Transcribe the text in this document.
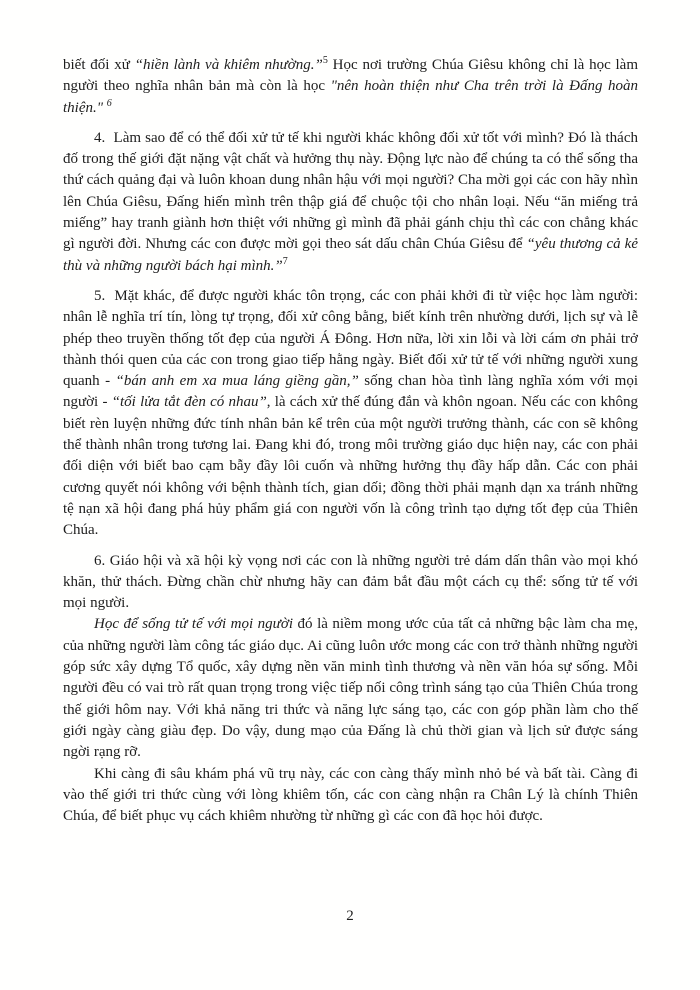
biết đối xử “hiền lành và khiêm nhường.”$^5$ Học nơi trường Chúa Giêsu không chỉ là học làm người theo nghĩa nhân bản mà còn là học "nên hoàn thiện như Cha trên trời là Đấng hoàn thiện." $^6$

4.  Làm sao để có thể đối xử tử tế khi người khác không đối xử tốt với mình? Đó là thách đố trong thế giới đặt nặng vật chất và hưởng thụ này. Động lực nào để chúng ta có thể sống tha thứ cách quảng đại và luôn khoan dung nhân hậu với mọi người? Cha mời gọi các con hãy nhìn lên Chúa Giêsu, Đấng hiến mình trên thập giá để chuộc tội cho nhân loại. Nếu “ăn miếng trả miếng” hay tranh giành hơn thiệt với những gì mình đã phải gánh chịu thì các con chẳng khác gì người đời. Nhưng các con được mời gọi theo sát dấu chân Chúa Giêsu để “yêu thương cả kẻ thù và những người bách hại mình.”$^7$

5.  Mặt khác, để được người khác tôn trọng, các con phải khởi đi từ việc học làm người: nhân lễ nghĩa trí tín, lòng tự trọng, đối xử công bằng, biết kính trên nhường dưới, lịch sự và lễ phép theo truyền thống tốt đẹp của người Á Đông. Hơn nữa, lời xin lỗi và lời cám ơn phải trở thành thói quen của các con trong giao tiếp hằng ngày. Biết đối xử tử tế với những người xung quanh - “bán anh em xa mua láng giềng gần,” sống chan hòa tình làng nghĩa xóm với mọi người - “tối lửa tắt đèn có nhau”, là cách xử thế đúng đắn và khôn ngoan. Nếu các con không biết rèn luyện những đức tính nhân bản kể trên của một người trưởng thành, các con sẽ không thể thành nhân trong tương lai. Đang khi đó, trong môi trường giáo dục hiện nay, các con phải đối diện với biết bao cạm bẫy đầy lôi cuốn và những hưởng thụ đầy hấp dẫn. Các con phải cương quyết nói không với bệnh thành tích, gian dối; đồng thời phải mạnh dạn xa tránh những tệ nạn xã hội đang phá hủy phẩm giá con người vốn là công trình tạo dựng tốt đẹp của Thiên Chúa.

6. Giáo hội và xã hội kỳ vọng nơi các con là những người trẻ dám dấn thân vào mọi khó khăn, thử thách. Đừng chần chừ nhưng hãy can đảm bắt đầu một cách cụ thể: sống tử tế với mọi người.

Học để sống tử tế với mọi người đó là niềm mong ước của tất cả những bậc làm cha mẹ, của những người làm công tác giáo dục. Ai cũng luôn ước mong các con trở thành những người góp sức xây dựng Tổ quốc, xây dựng nền văn minh tình thương và nền văn hóa sự sống. Mỗi người đều có vai trò rất quan trọng trong việc tiếp nối công trình sáng tạo của Thiên Chúa trong thế giới hôm nay. Với khả năng tri thức và năng lực sáng tạo, các con góp phần làm cho thế giới ngày càng giàu đẹp. Do vậy, dung mạo của Đấng là chủ thời gian và lịch sử được sáng ngời rạng rỡ.

Khi càng đi sâu khám phá vũ trụ này, các con càng thấy mình nhỏ bé và bất tài. Càng đi vào thế giới tri thức cùng với lòng khiêm tốn, các con càng nhận ra Chân Lý là chính Thiên Chúa, để biết phục vụ cách khiêm nhường từ những gì các con đã học hỏi được.

2
